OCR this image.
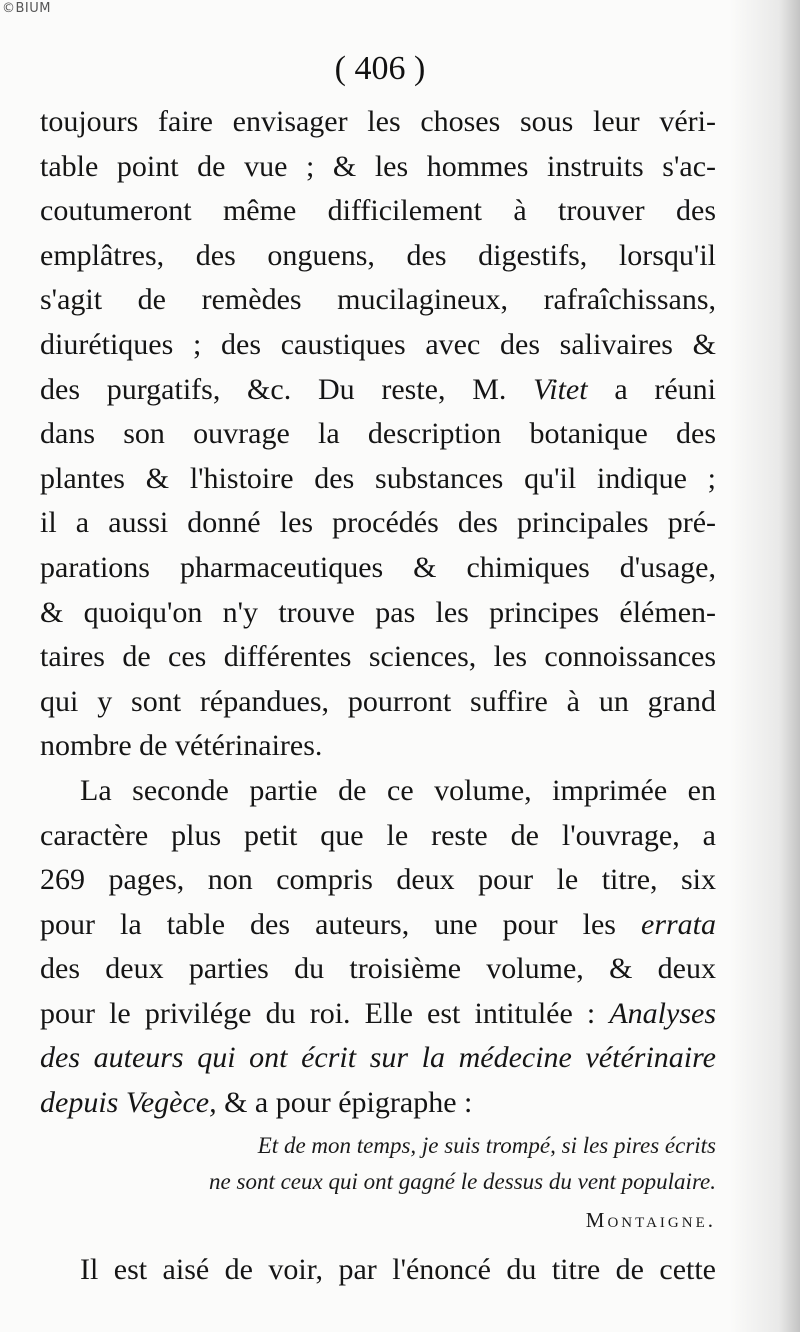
©BIUM
( 406 )
toujours faire envisager les choses sous leur véri-
table point de vue ; & les hommes instruits s'ac-
coutumeront même difficilement à trouver des
emplâtres, des onguens, des digestifs, lorsqu'il
s'agit de remèdes mucilagineux, rafraîchissans,
diurétiques ; des caustiques avec des salivaires &
des purgatifs, &c. Du reste, M. Vitet a réuni
dans son ouvrage la description botanique des
plantes & l'histoire des substances qu'il indique ;
il a aussi donné les procédés des principales pré-
parations pharmaceutiques & chimiques d'usage,
& quoiqu'on n'y trouve pas les principes élémen-
taires de ces différentes sciences, les connoissances
qui y sont répandues, pourront suffire à un grand
nombre de vétérinaires.
La seconde partie de ce volume, imprimée en
caractère plus petit que le reste de l'ouvrage, a
269 pages, non compris deux pour le titre, six
pour la table des auteurs, une pour les errata
des deux parties du troisième volume, & deux
pour le privilége du roi. Elle est intitulée : Analyses
des auteurs qui ont écrit sur la médecine vétérinaire
depuis Vegèce, & a pour épigraphe :
Et de mon temps, je suis trompé, si les pires écrits
ne sont ceux qui ont gagné le dessus du vent populaire.
Montaigne.
Il est aisé de voir, par l'énoncé du titre de cette
